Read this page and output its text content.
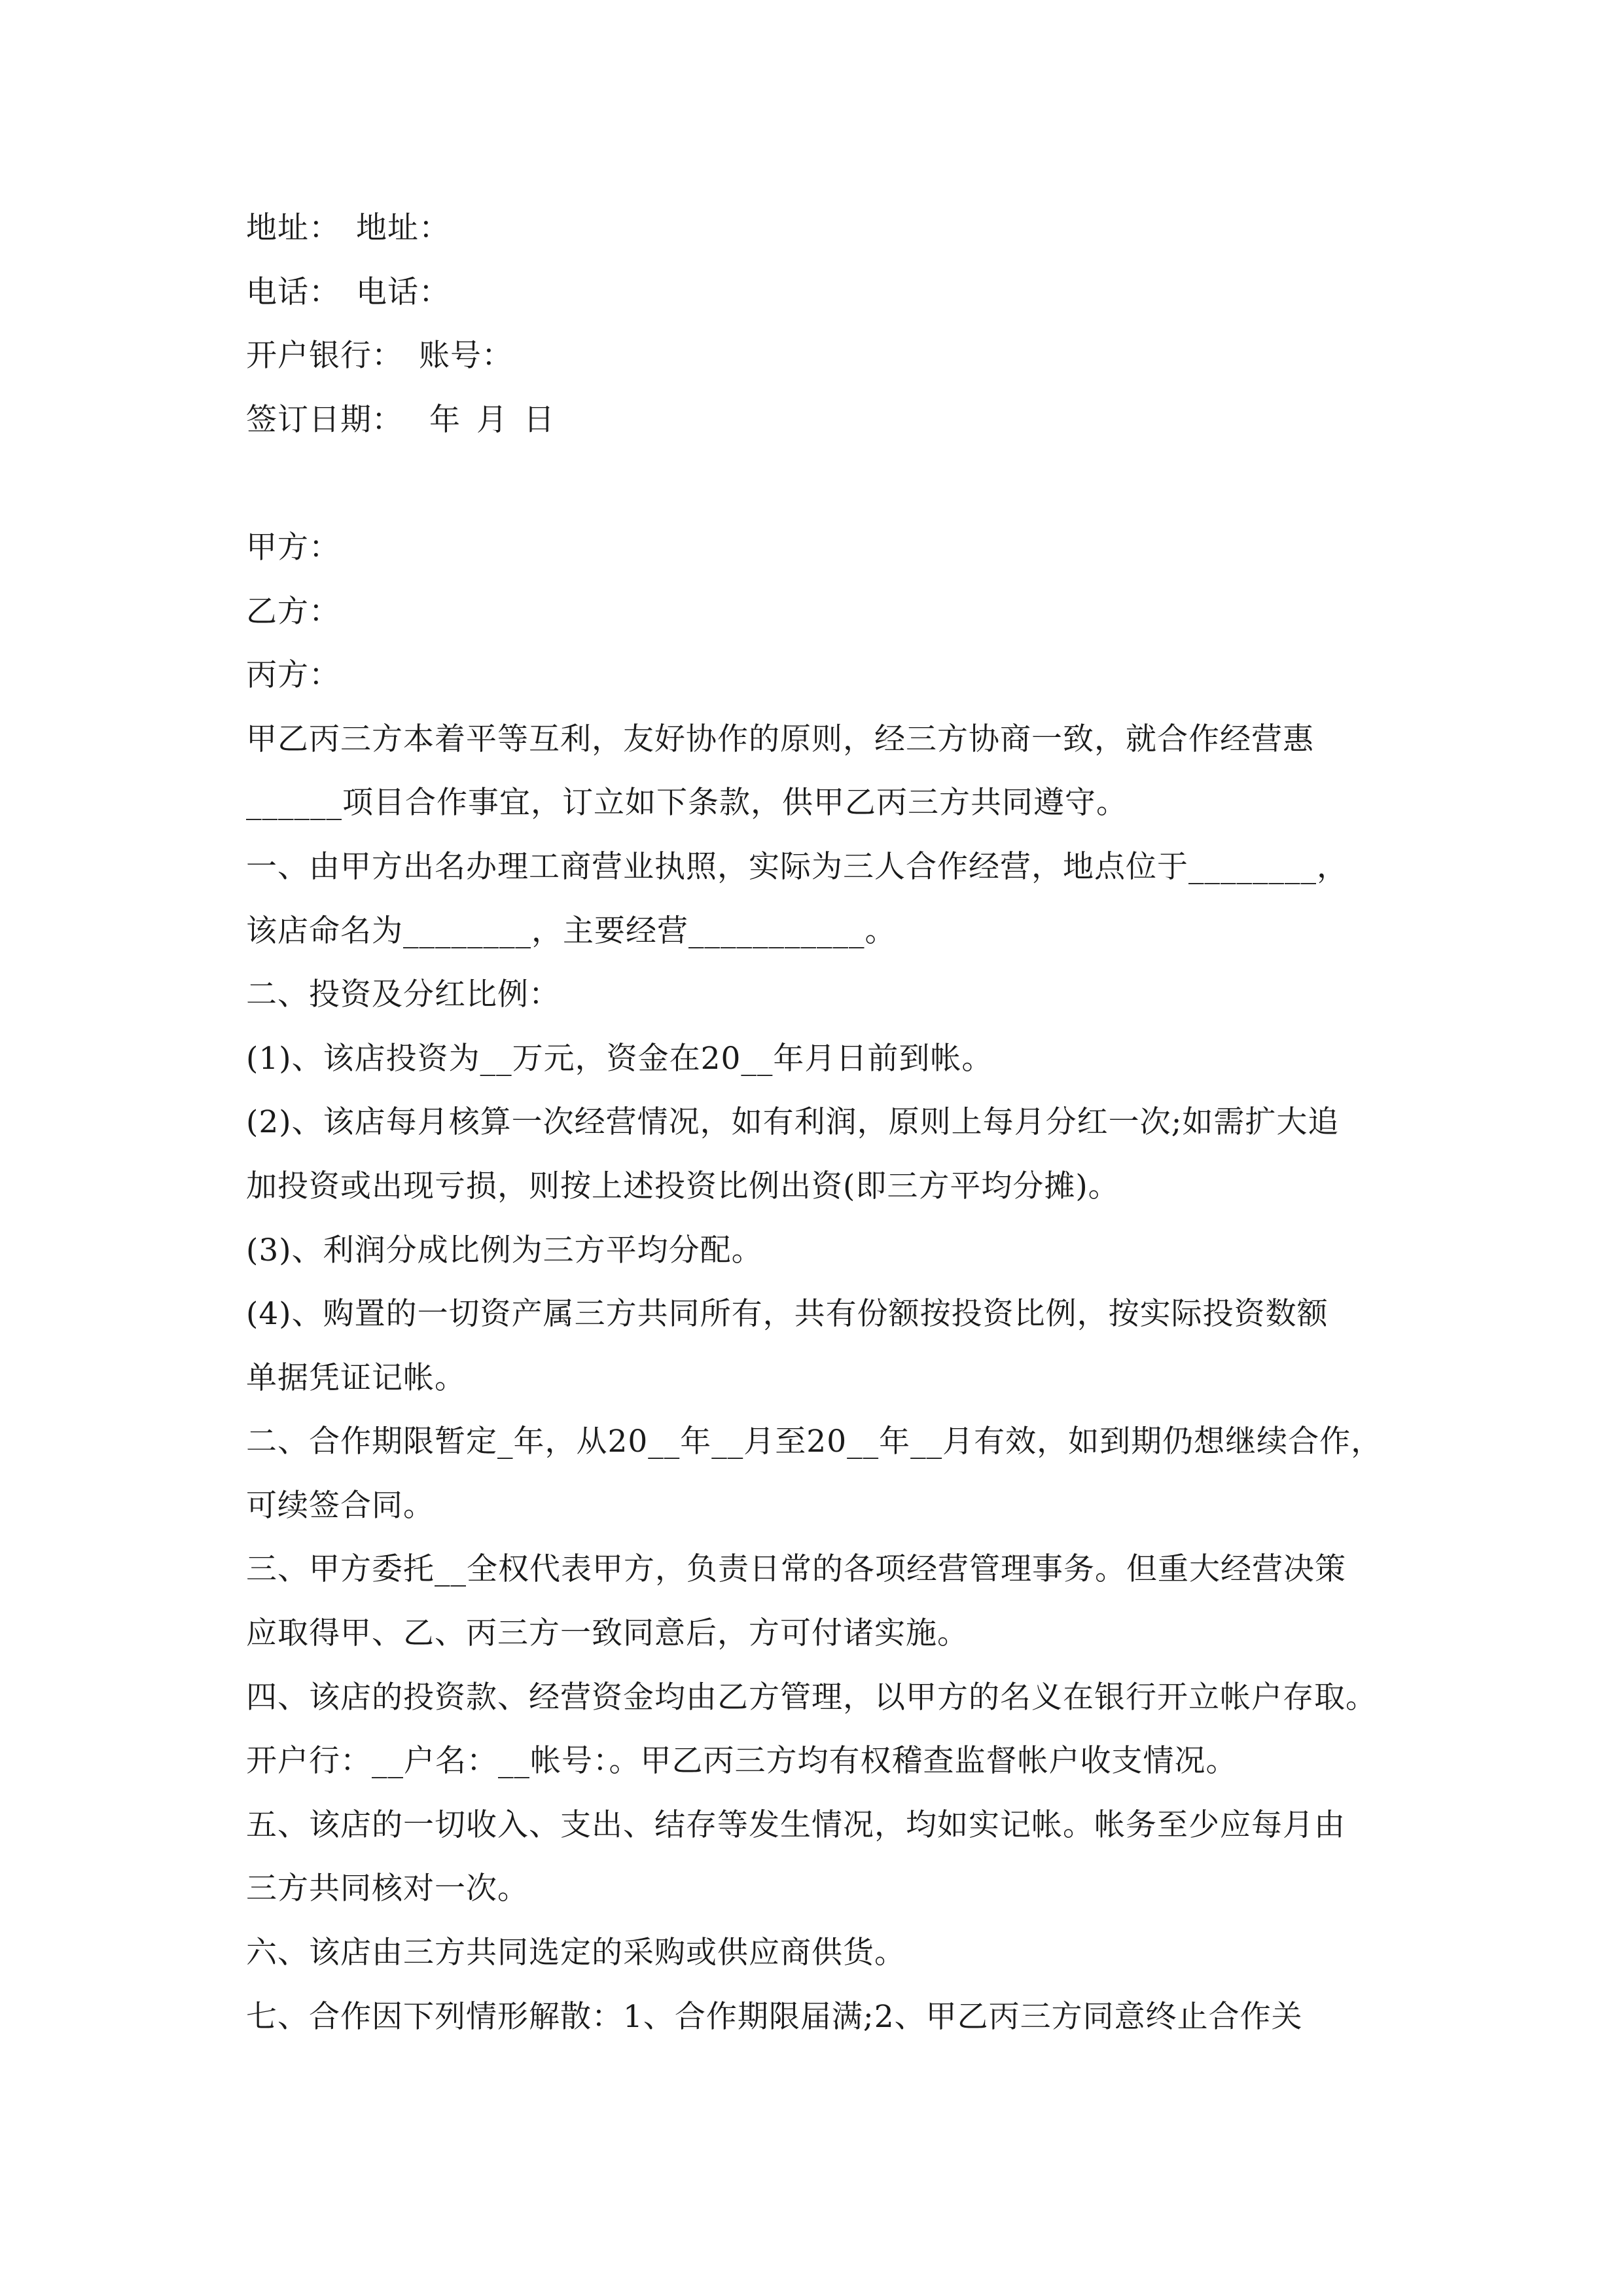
地址： 地址：

电话： 电话：

开户银行： 账号：

签订日期： 年 月 日

甲方：

乙方：

丙方：

甲乙丙三方本着平等互利，友好协作的原则，经三方协商一致，就合作经营惠

______项目合作事宜，订立如下条款，供甲乙丙三方共同遵守。

一、由甲方出名办理工商营业执照，实际为三人合作经营，地点位于________，

该店命名为________，主要经营___________。

二、投资及分红比例：

(1)、该店投资为__万元，资金在20__年月日前到帐。

(2)、该店每月核算一次经营情况，如有利润，原则上每月分红一次;如需扩大追

加投资或出现亏损，则按上述投资比例出资(即三方平均分摊)。

(3)、利润分成比例为三方平均分配。

(4)、购置的一切资产属三方共同所有，共有份额按投资比例，按实际投资数额

单据凭证记帐。

二、合作期限暂定_年，从20__年__月至20__年__月有效，如到期仍想继续合作，

可续签合同。

三、甲方委托__全权代表甲方，负责日常的各项经营管理事务。但重大经营决策

应取得甲、乙、丙三方一致同意后，方可付诸实施。

四、该店的投资款、经营资金均由乙方管理，以甲方的名义在银行开立帐户存取。

开户行：__户名：__帐号：。甲乙丙三方均有权稽查监督帐户收支情况。

五、该店的一切收入、支出、结存等发生情况，均如实记帐。帐务至少应每月由

三方共同核对一次。

六、该店由三方共同选定的采购或供应商供货。

七、合作因下列情形解散：1、合作期限届满;2、甲乙丙三方同意终止合作关
